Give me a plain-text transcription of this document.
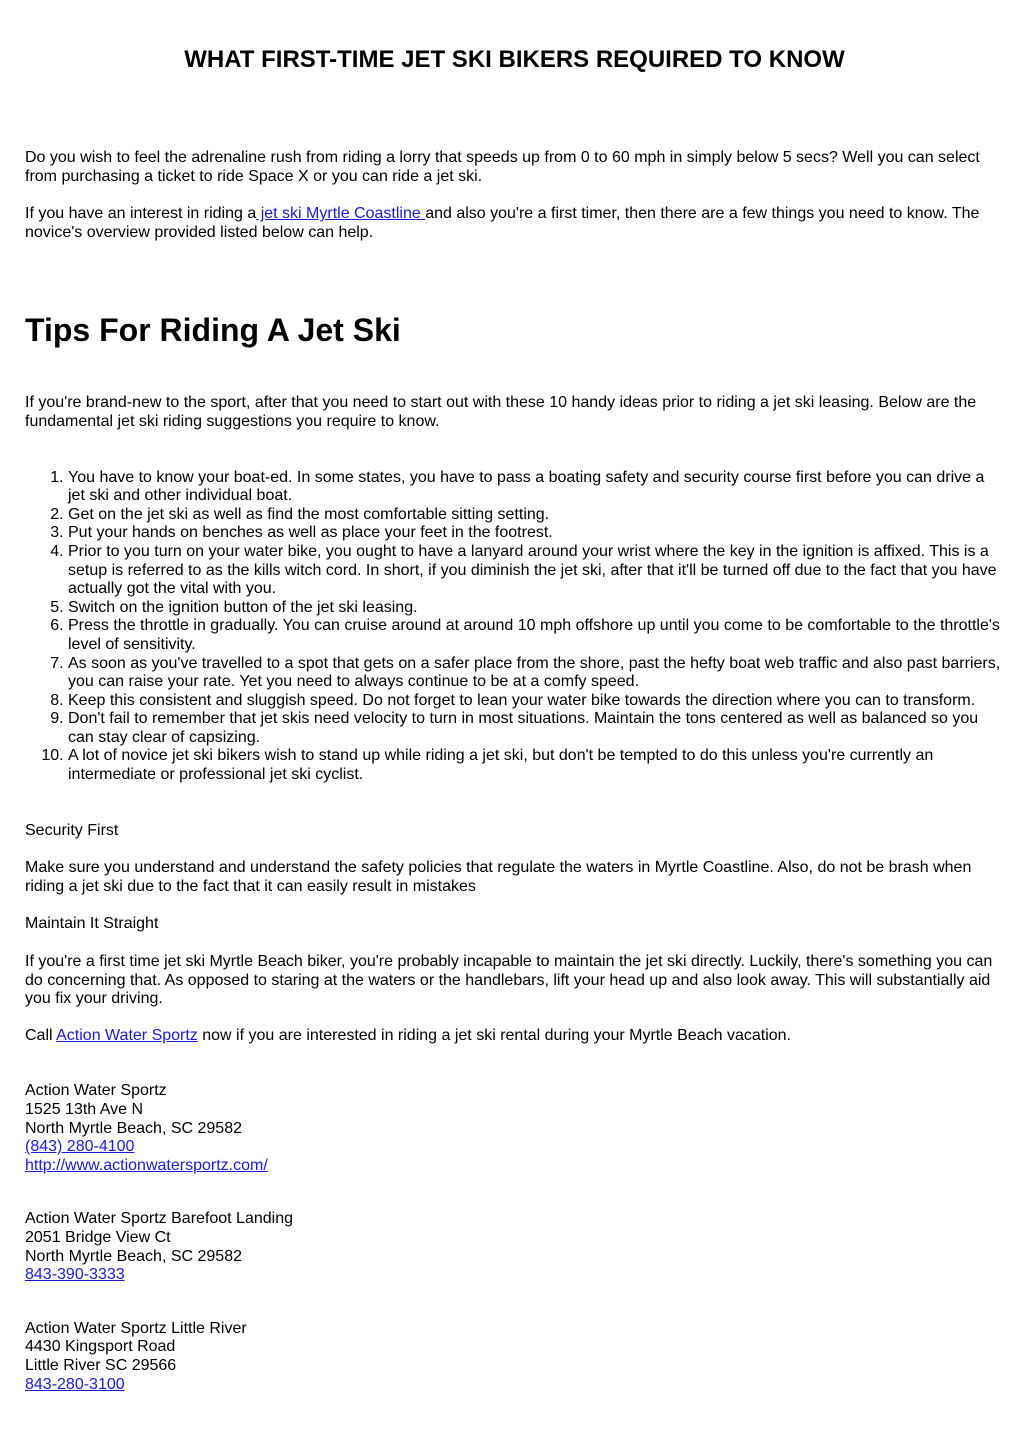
WHAT FIRST-TIME JET SKI BIKERS REQUIRED TO KNOW

Do you wish to feel the adrenaline rush from riding a lorry that speeds up from 0 to 60 mph in simply below 5 secs? Well you can select from purchasing a ticket to ride Space X or you can ride a jet ski.

If you have an interest in riding a jet ski Myrtle Coastline and also you're a first timer, then there are a few things you need to know. The novice's overview provided listed below can help.

Tips For Riding A Jet Ski

If you're brand-new to the sport, after that you need to start out with these 10 handy ideas prior to riding a jet ski leasing. Below are the fundamental jet ski riding suggestions you require to know.

1. You have to know your boat-ed. In some states, you have to pass a boating safety and security course first before you can drive a jet ski and other individual boat.
2. Get on the jet ski as well as find the most comfortable sitting setting.
3. Put your hands on benches as well as place your feet in the footrest.
4. Prior to you turn on your water bike, you ought to have a lanyard around your wrist where the key in the ignition is affixed. This is a setup is referred to as the kills witch cord. In short, if you diminish the jet ski, after that it'll be turned off due to the fact that you have actually got the vital with you.
5. Switch on the ignition button of the jet ski leasing.
6. Press the throttle in gradually. You can cruise around at around 10 mph offshore up until you come to be comfortable to the throttle's level of sensitivity.
7. As soon as you've travelled to a spot that gets on a safer place from the shore, past the hefty boat web traffic and also past barriers, you can raise your rate. Yet you need to always continue to be at a comfy speed.
8. Keep this consistent and sluggish speed. Do not forget to lean your water bike towards the direction where you can to transform.
9. Don't fail to remember that jet skis need velocity to turn in most situations. Maintain the tons centered as well as balanced so you can stay clear of capsizing.
10. A lot of novice jet ski bikers wish to stand up while riding a jet ski, but don't be tempted to do this unless you're currently an intermediate or professional jet ski cyclist.

Security First

Make sure you understand and understand the safety policies that regulate the waters in Myrtle Coastline. Also, do not be brash when riding a jet ski due to the fact that it can easily result in mistakes

Maintain It Straight

If you're a first time jet ski Myrtle Beach biker, you're probably incapable to maintain the jet ski directly. Luckily, there's something you can do concerning that. As opposed to staring at the waters or the handlebars, lift your head up and also look away. This will substantially aid you fix your driving.

Call Action Water Sportz now if you are interested in riding a jet ski rental during your Myrtle Beach vacation.

Action Water Sportz
1525 13th Ave N
North Myrtle Beach, SC 29582
(843) 280-4100
http://www.actionwatersportz.com/
Action Water Sportz Barefoot Landing
2051 Bridge View Ct
North Myrtle Beach, SC 29582
843-390-3333
Action Water Sportz Little River
4430 Kingsport Road
Little River SC 29566
843-280-3100
